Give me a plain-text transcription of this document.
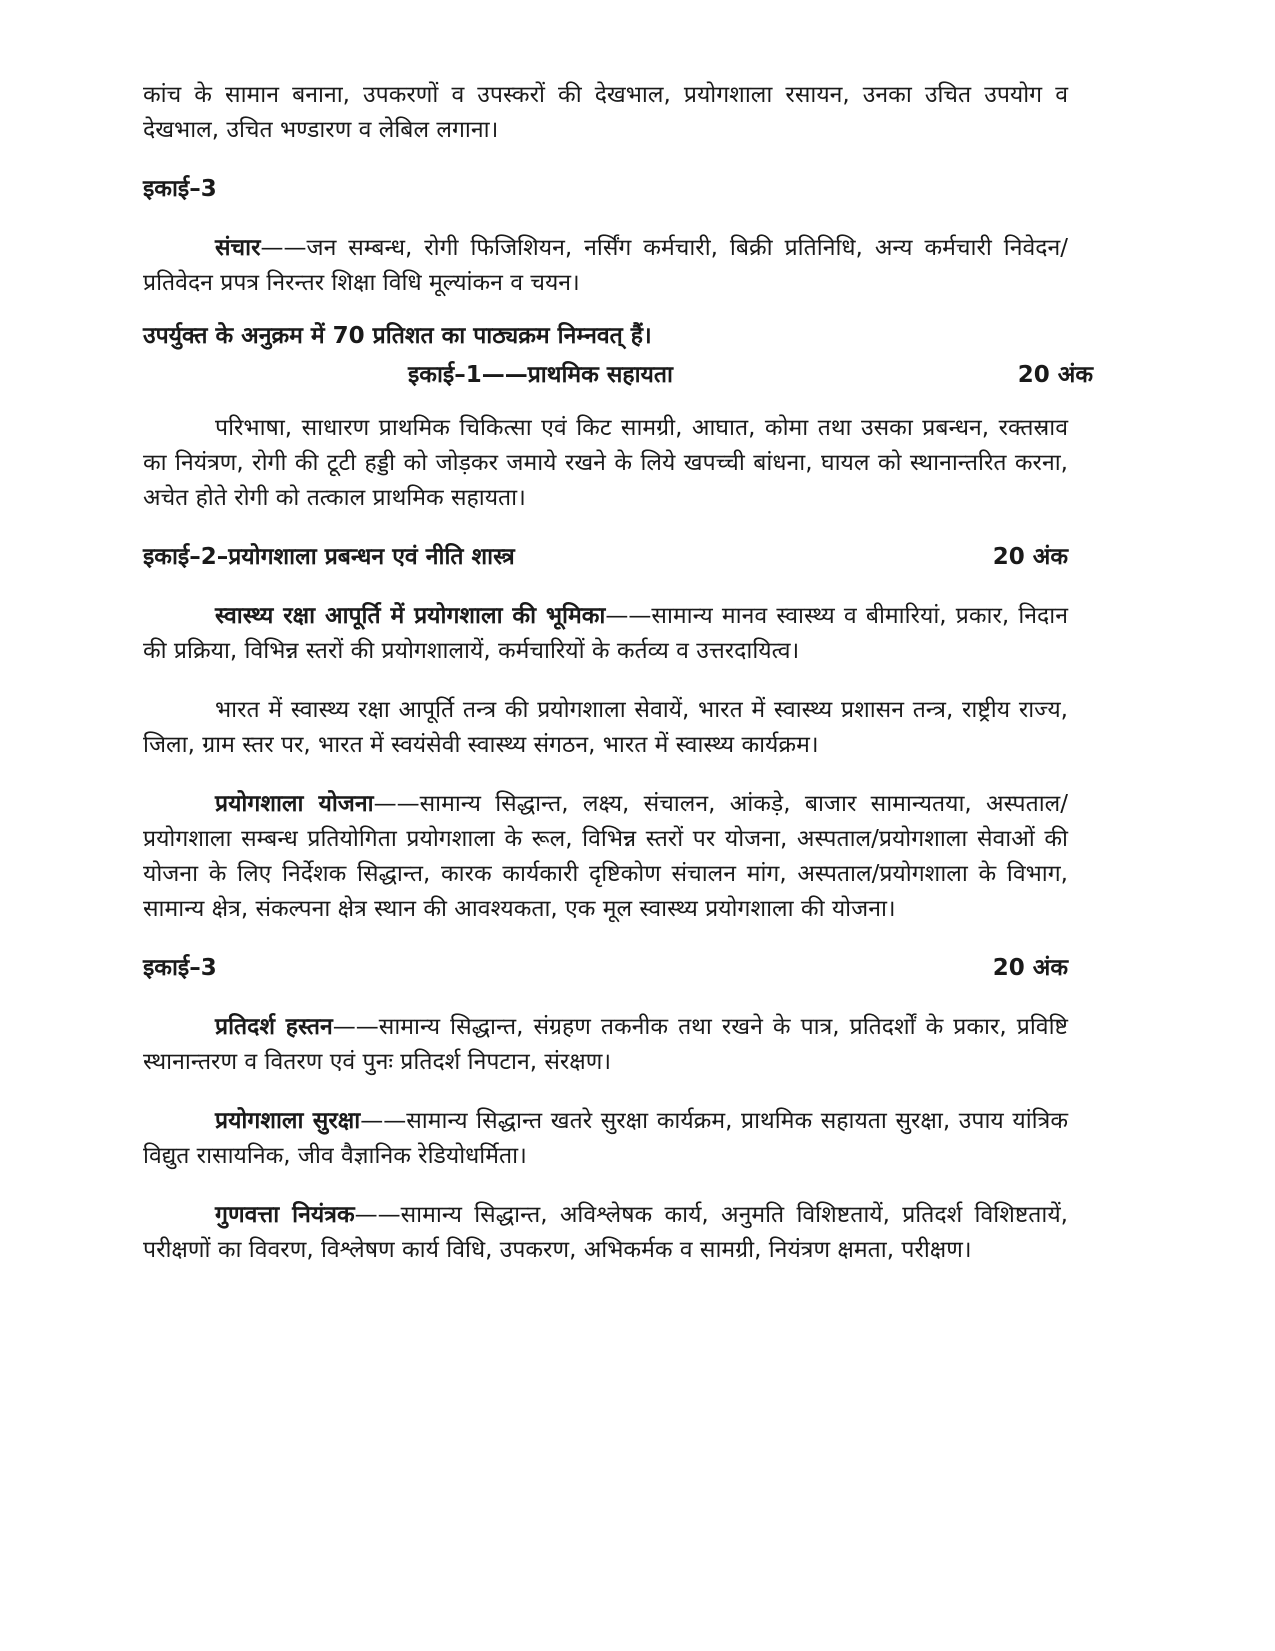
कांच के सामान बनाना, उपकरणों व उपस्करों की देखभाल, प्रयोगशाला रसायन, उनका उचित उपयोग व देखभाल, उचित भण्डारण व लेबिल लगाना।

इकाई–3

संचार——जन सम्बन्ध, रोगी फिजिशियन, नर्सिंग कर्मचारी, बिक्री प्रतिनिधि, अन्य कर्मचारी निवेदन/प्रतिवेदन प्रपत्र निरन्तर शिक्षा विधि मूल्यांकन व चयन।

उपर्युक्त के अनुक्रम में 70 प्रतिशत का पाठ्यक्रम निम्नवत् हैं।

इकाई–1——प्राथमिक सहायता	20 अंक

परिभाषा, साधारण प्राथमिक चिकित्सा एवं किट सामग्री, आघात, कोमा तथा उसका प्रबन्धन, रक्तस्राव का नियंत्रण, रोगी की टूटी हड्डी को जोड़कर जमाये रखने के लिये खपच्ची बांधना, घायल को स्थानान्तरित करना, अचेत होते रोगी को तत्काल प्राथमिक सहायता।

इकाई–2–प्रयोगशाला प्रबन्धन एवं नीति शास्त्र	20 अंक

स्वास्थ्य रक्षा आपूर्ति में प्रयोगशाला की भूमिका——सामान्य मानव स्वास्थ्य व बीमारियां, प्रकार, निदान की प्रक्रिया, विभिन्न स्तरों की प्रयोगशालायें, कर्मचारियों के कर्तव्य व उत्तरदायित्व।

भारत में स्वास्थ्य रक्षा आपूर्ति तन्त्र की प्रयोगशाला सेवायें, भारत में स्वास्थ्य प्रशासन तन्त्र, राष्ट्रीय राज्य, जिला, ग्राम स्तर पर, भारत में स्वयंसेवी स्वास्थ्य संगठन, भारत में स्वास्थ्य कार्यक्रम।

प्रयोगशाला योजना——सामान्य सिद्धान्त, लक्ष्य, संचालन, आंकड़े, बाजार सामान्यतया, अस्पताल/प्रयोगशाला सम्बन्ध प्रतियोगिता प्रयोगशाला के रूल, विभिन्न स्तरों पर योजना, अस्पताल/प्रयोगशाला सेवाओं की योजना के लिए निर्देशक सिद्धान्त, कारक कार्यकारी दृष्टिकोण संचालन मांग, अस्पताल/प्रयोगशाला के विभाग, सामान्य क्षेत्र, संकल्पना क्षेत्र स्थान की आवश्यकता, एक मूल स्वास्थ्य प्रयोगशाला की योजना।

इकाई–3	20 अंक

प्रतिदर्श हस्तन——सामान्य सिद्धान्त, संग्रहण तकनीक तथा रखने के पात्र, प्रतिदर्शों के प्रकार, प्रविष्टि स्थानान्तरण व वितरण एवं पुनः प्रतिदर्श निपटान, संरक्षण।

प्रयोगशाला सुरक्षा——सामान्य सिद्धान्त खतरे सुरक्षा कार्यक्रम, प्राथमिक सहायता सुरक्षा, उपाय यांत्रिक विद्युत रासायनिक, जीव वैज्ञानिक रेडियोधर्मिता।

गुणवत्ता नियंत्रक——सामान्य सिद्धान्त, अविश्लेषक कार्य, अनुमति विशिष्टतायें, प्रतिदर्श विशिष्टतायें, परीक्षणों का विवरण, विश्लेषण कार्य विधि, उपकरण, अभिकर्मक व सामग्री, नियंत्रण क्षमता, परीक्षण।
